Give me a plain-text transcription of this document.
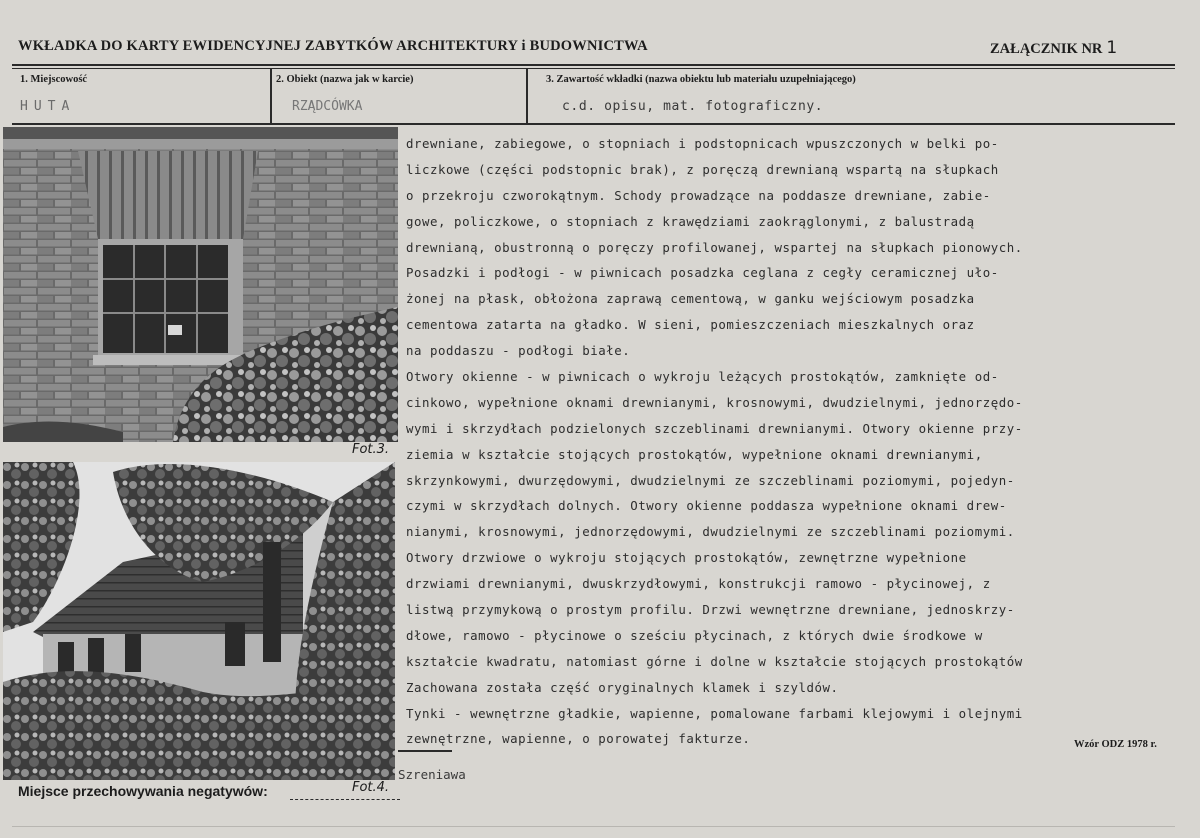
WKŁADKA DO KARTY EWIDENCYJNEJ ZABYTKÓW ARCHITEKTURY i BUDOWNICTWA	ZAŁĄCZNIK NR 1
1. Miejscowość	2. Obiekt (nazwa jak w karcie)	3. Zawartość wkładki (nazwa obiektu lub materiału uzupełniającego)
HUTA	RZĄDCÓWKA	c.d. opisu, mat. fotograficzny.
Fot.3.
Fot.4.
drewniane, zabiegowe, o stopniach i podstopnicach wpuszczonych w belki po-
liczkowe (części podstopnic brak), z poręczą drewnianą wspartą na słupkach
o przekroju czworokątnym. Schody prowadzące na poddasze drewniane, zabie-
gowe, policzkowe, o stopniach z krawędziami zaokrąglonymi, z balustradą
drewnianą, obustronną o poręczy profilowanej, wspartej na słupkach pionowych.
Posadzki i podłogi - w piwnicach posadzka ceglana z cegły ceramicznej uło-
żonej na płask, obłożona zaprawą cementową, w ganku wejściowym posadzka
cementowa zatarta na gładko. W sieni, pomieszczeniach mieszkalnych oraz
na poddaszu - podłogi białe.
Otwory okienne - w piwnicach o wykroju leżących prostokątów, zamknięte od-
cinkowo, wypełnione oknami drewnianymi, krosnowymi, dwudzielnymi, jednorzędo-
wymi i skrzydłach podzielonych szczeblinami drewnianymi. Otwory okienne przy-
ziemia w kształcie stojących prostokątów, wypełnione oknami drewnianymi,
skrzynkowymi, dwurzędowymi, dwudzielnymi ze szczeblinami poziomymi, pojedyn-
czymi w skrzydłach dolnych. Otwory okienne poddasza wypełnione oknami drew-
nianymi, krosnowymi, jednorzędowymi, dwudzielnymi ze szczeblinami poziomymi.
Otwory drzwiowe o wykroju stojących prostokątów, zewnętrzne wypełnione
drzwiami drewnianymi, dwuskrzydłowymi, konstrukcji ramowo - płycinowej, z
listwą przymykową o prostym profilu. Drzwi wewnętrzne drewniane, jednoskrzy-
dłowe, ramowo - płycinowe o sześciu płycinach, z których dwie środkowe w
kształcie kwadratu, natomiast górne i dolne w kształcie stojących prostokątów
Zachowana została część oryginalnych klamek i szyldów.
Tynki - wewnętrzne gładkie, wapienne, pomalowane farbami klejowymi i olejnymi
zewnętrzne, wapienne, o porowatej fakturze.	Wzór ODZ 1978 r.
Szreniawa
Miejsce przechowywania negatywów:
